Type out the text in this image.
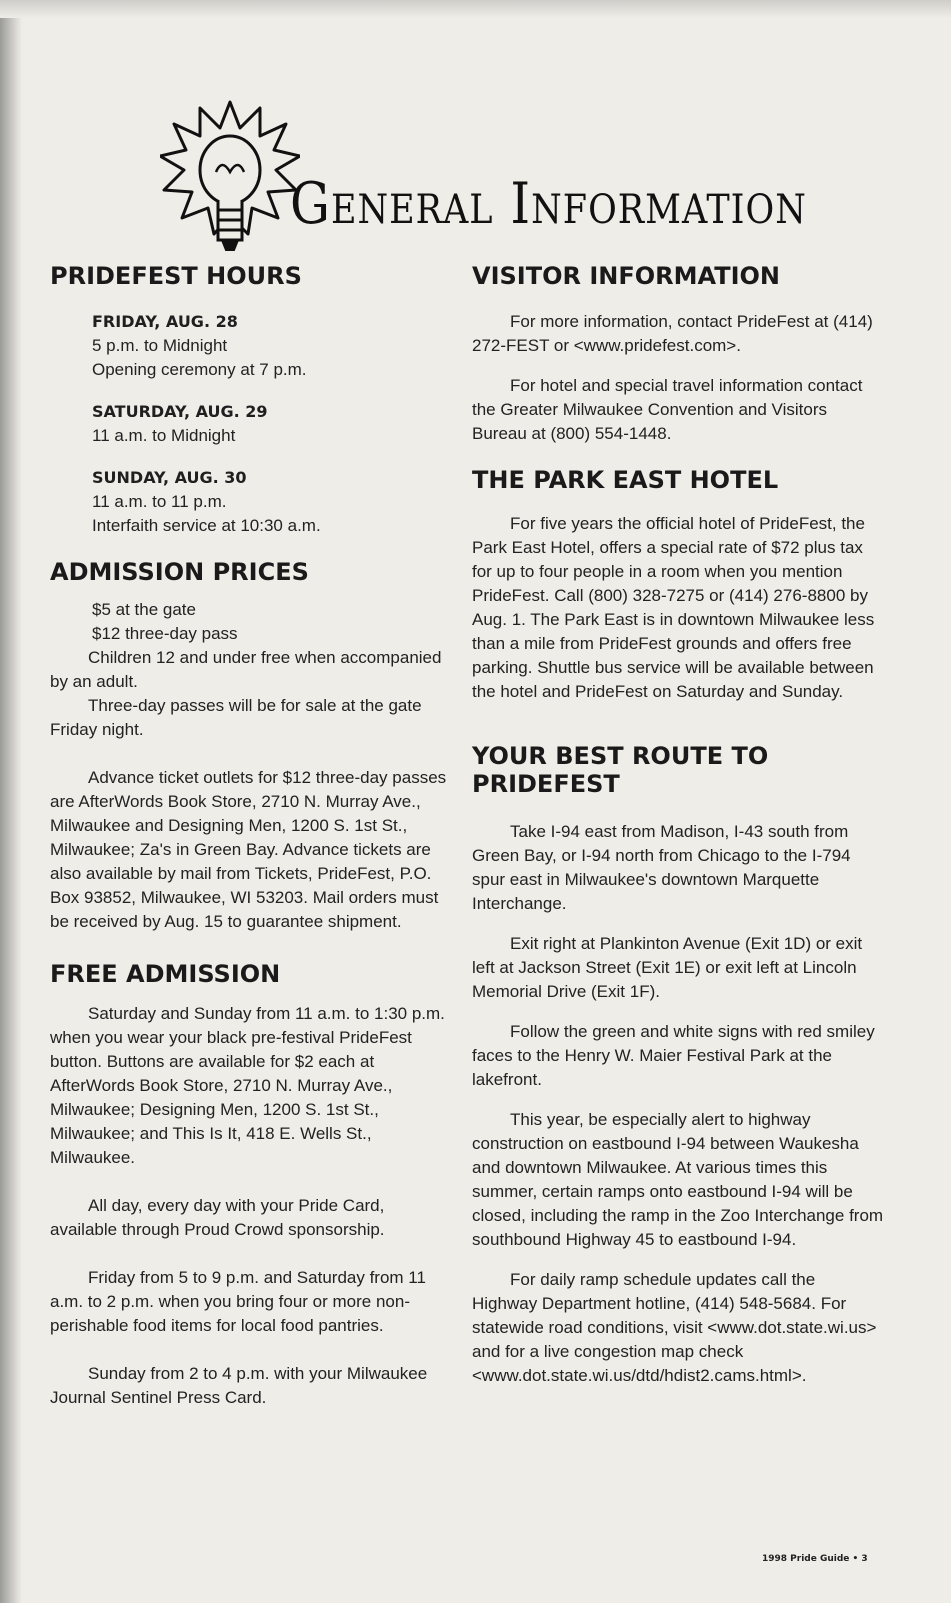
General Information
PRIDEFEST HOURS
FRIDAY, AUG. 28

5 p.m. to Midnight

Opening ceremony at 7 p.m.

SATURDAY, AUG. 29

11 a.m. to Midnight

SUNDAY, AUG. 30

11 a.m. to 11 p.m.

Interfaith service at 10:30 a.m.

ADMISSION PRICES

$5 at the gate

$12 three-day pass

Children 12 and under free when accompanied by an adult.

Three-day passes will be for sale at the gate Friday night.

Advance ticket outlets for $12 three-day passes are AfterWords Book Store, 2710 N. Murray Ave., Milwaukee and Designing Men, 1200 S. 1st St., Milwaukee; Za's in Green Bay. Advance tickets are also available by mail from Tickets, PrideFest, P.O. Box 93852, Milwaukee, WI 53203. Mail orders must be received by Aug. 15 to guarantee shipment.

FREE ADMISSION

Saturday and Sunday from 11 a.m. to 1:30 p.m. when you wear your black pre-festival PrideFest button. Buttons are available for $2 each at AfterWords Book Store, 2710 N. Murray Ave., Milwaukee; Designing Men, 1200 S. 1st St., Milwaukee; and This Is It, 418 E. Wells St., Milwaukee.

All day, every day with your Pride Card, available through Proud Crowd sponsorship.

Friday from 5 to 9 p.m. and Saturday from 11 a.m. to 2 p.m. when you bring four or more non-perishable food items for local food pantries.

Sunday from 2 to 4 p.m. with your Milwaukee Journal Sentinel Press Card.

VISITOR INFORMATION

For more information, contact PrideFest at (414) 272-FEST or <www.pridefest.com>.

For hotel and special travel information contact the Greater Milwaukee Convention and Visitors Bureau at (800) 554-1448.

THE PARK EAST HOTEL

For five years the official hotel of PrideFest, the Park East Hotel, offers a special rate of $72 plus tax for up to four people in a room when you mention PrideFest. Call (800) 328-7275 or (414) 276-8800 by Aug. 1. The Park East is in downtown Milwaukee less than a mile from PrideFest grounds and offers free parking. Shuttle bus service will be available between the hotel and PrideFest on Saturday and Sunday.

YOUR BEST ROUTE TO PRIDEFEST

Take I-94 east from Madison, I-43 south from Green Bay, or I-94 north from Chicago to the I-794 spur east in Milwaukee's downtown Marquette Interchange.

Exit right at Plankinton Avenue (Exit 1D) or exit left at Jackson Street (Exit 1E) or exit left at Lincoln Memorial Drive (Exit 1F).

Follow the green and white signs with red smiley faces to the Henry W. Maier Festival Park at the lakefront.

This year, be especially alert to highway construction on eastbound I-94 between Waukesha and downtown Milwaukee. At various times this summer, certain ramps onto eastbound I-94 will be closed, including the ramp in the Zoo Interchange from southbound Highway 45 to eastbound I-94.

For daily ramp schedule updates call the Highway Department hotline, (414) 548-5684. For statewide road conditions, visit <www.dot.state.wi.us> and for a live congestion map check <www.dot.state.wi.us/dtd/hdist2.cams.html>.

1998 Pride Guide • 3
